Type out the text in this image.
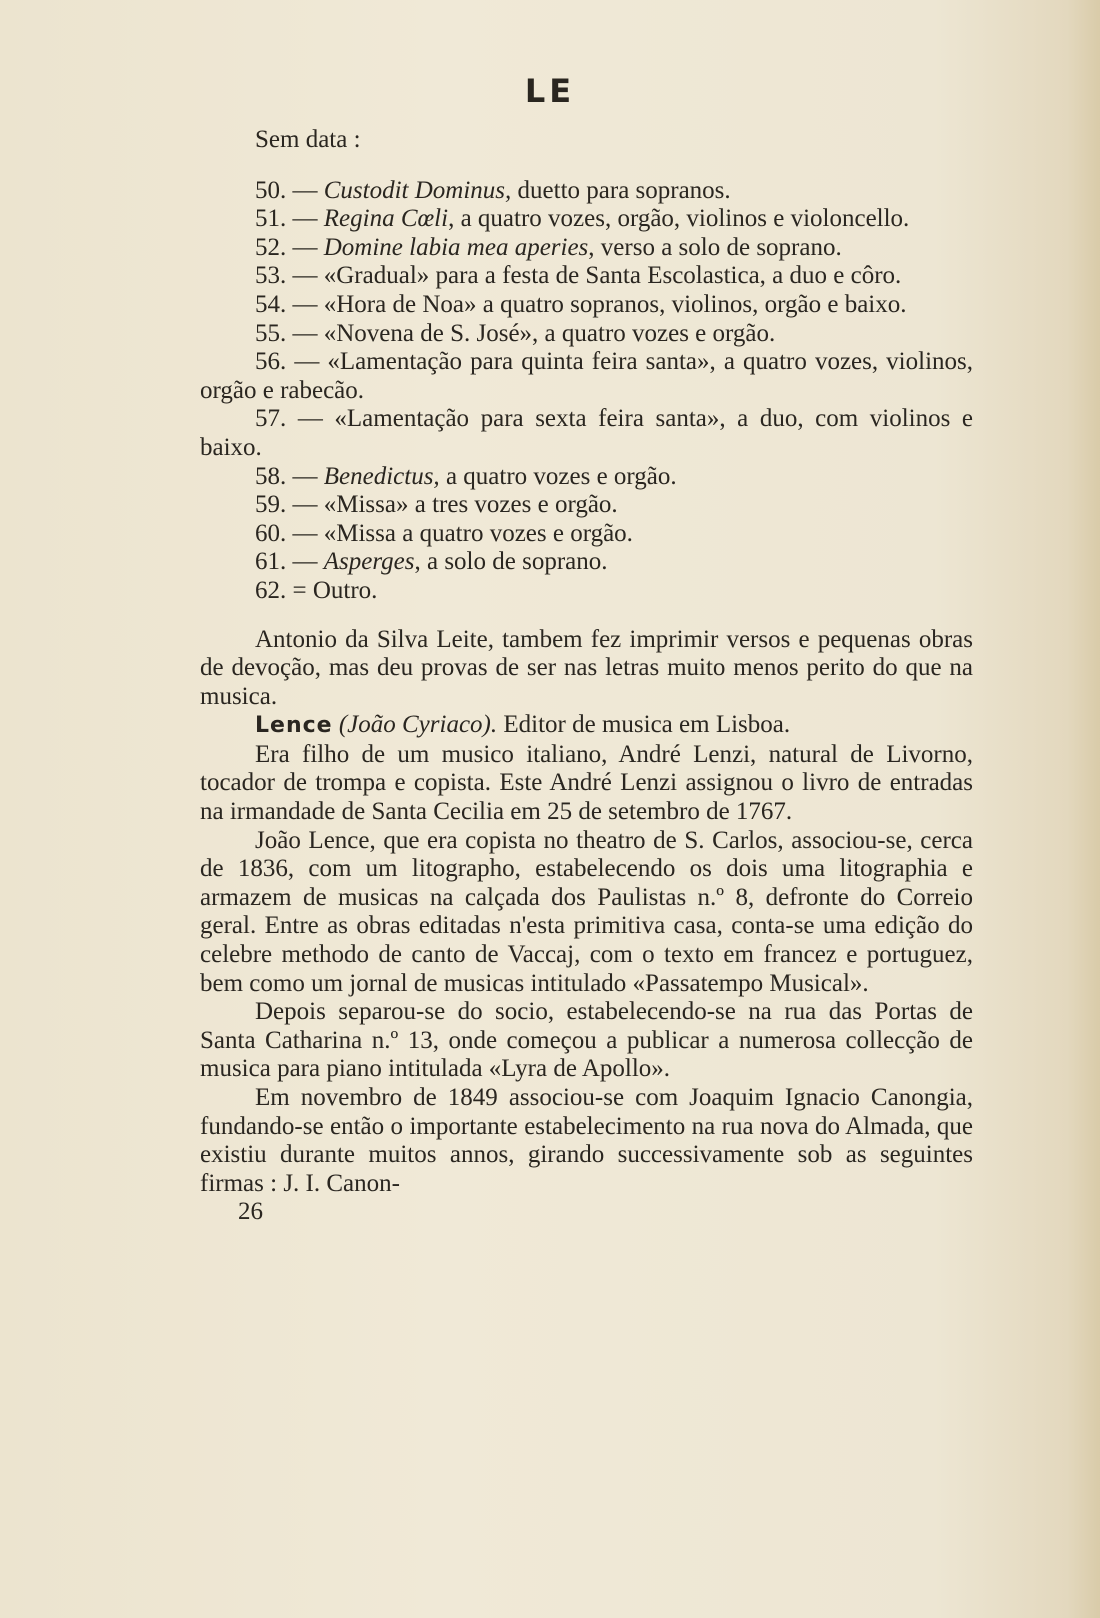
LE

Sem data :

50. — Custodit Dominus, duetto para sopranos.

51. — Regina Cœli, a quatro vozes, orgão, violinos e violoncello.

52. — Domine labia mea aperies, verso a solo de soprano.

53. — «Gradual» para a festa de Santa Escolastica, a duo e côro.

54. — «Hora de Noa» a quatro sopranos, violinos, orgão e baixo.

55. — «Novena de S. José», a quatro vozes e orgão.

56. — «Lamentação para quinta feira santa», a quatro vozes, violinos, orgão e rabecão.

57. — «Lamentação para sexta feira santa», a duo, com violinos e baixo.

58. — Benedictus, a quatro vozes e orgão.

59. — «Missa» a tres vozes e orgão.

60. — «Missa a quatro vozes e orgão.

61. — Asperges, a solo de soprano.

62. = Outro.

Antonio da Silva Leite, tambem fez imprimir versos e pequenas obras de devoção, mas deu provas de ser nas letras muito menos perito do que na musica.

Lence (João Cyriaco). Editor de musica em Lisboa.

Era filho de um musico italiano, André Lenzi, natural de Livorno, tocador de trompa e copista. Este André Lenzi assignou o livro de entradas na irmandade de Santa Cecilia em 25 de setembro de 1767.

João Lence, que era copista no theatro de S. Carlos, associou-se, cerca de 1836, com um litographo, estabelecendo os dois uma litographia e armazem de musicas na calçada dos Paulistas n.º 8, defronte do Correio geral. Entre as obras editadas n'esta primitiva casa, conta-se uma edição do celebre methodo de canto de Vaccaj, com o texto em francez e portuguez, bem como um jornal de musicas intitulado «Passatempo Musical».

Depois separou-se do socio, estabelecendo-se na rua das Portas de Santa Catharina n.º 13, onde começou a publicar a numerosa collecção de musica para piano intitulada «Lyra de Apollo».

Em novembro de 1849 associou-se com Joaquim Ignacio Canongia, fundando-se então o importante estabelecimento na rua nova do Almada, que existiu durante muitos annos, girando successivamente sob as seguintes firmas : J. I. Canon-

26
